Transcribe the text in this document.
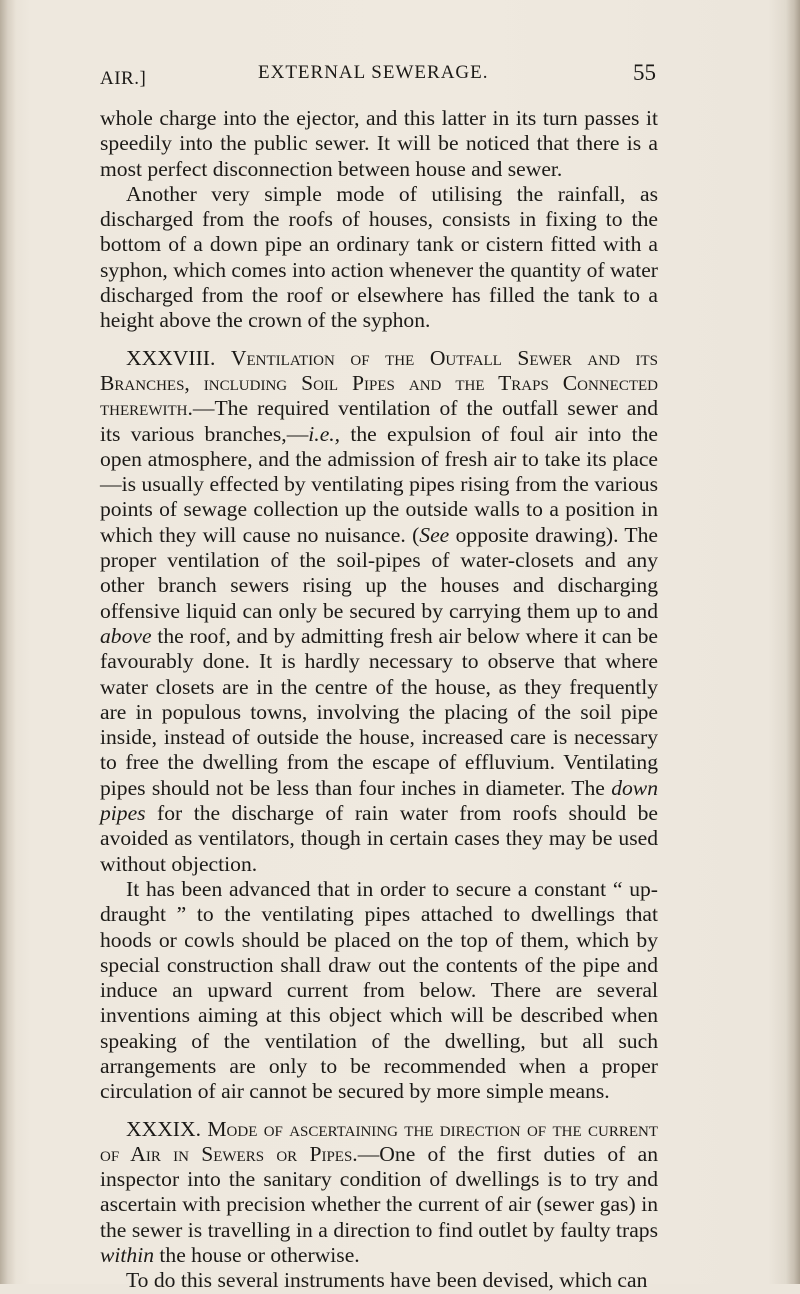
AIR.]	EXTERNAL SEWERAGE.	55

whole charge into the ejector, and this latter in its turn passes it speedily into the public sewer. It will be noticed that there is a most perfect disconnection between house and sewer.

Another very simple mode of utilising the rainfall, as discharged from the roofs of houses, consists in fixing to the bottom of a down pipe an ordinary tank or cistern fitted with a syphon, which comes into action whenever the quantity of water discharged from the roof or elsewhere has filled the tank to a height above the crown of the syphon.

XXXVIII. Ventilation of the Outfall Sewer and its Branches, including Soil Pipes and the Traps Connected therewith.—The required ventilation of the outfall sewer and its various branches,—i.e., the expulsion of foul air into the open atmosphere, and the admission of fresh air to take its place—is usually effected by ventilating pipes rising from the various points of sewage collection up the outside walls to a position in which they will cause no nuisance. (See opposite drawing). The proper ventilation of the soil-pipes of water-closets and any other branch sewers rising up the houses and discharging offensive liquid can only be secured by carrying them up to and above the roof, and by admitting fresh air below where it can be favourably done. It is hardly necessary to observe that where water closets are in the centre of the house, as they frequently are in populous towns, involving the placing of the soil pipe inside, instead of outside the house, increased care is necessary to free the dwelling from the escape of effluvium. Ventilating pipes should not be less than four inches in diameter. The down pipes for the discharge of rain water from roofs should be avoided as ventilators, though in certain cases they may be used without objection.

It has been advanced that in order to secure a constant “ up-draught ” to the ventilating pipes attached to dwellings that hoods or cowls should be placed on the top of them, which by special construction shall draw out the contents of the pipe and induce an upward current from below. There are several inventions aiming at this object which will be described when speaking of the ventilation of the dwelling, but all such arrangements are only to be recommended when a proper circulation of air cannot be secured by more simple means.

XXXIX. Mode of ascertaining the direction of the current of Air in Sewers or Pipes.—One of the first duties of an inspector into the sanitary condition of dwellings is to try and ascertain with precision whether the current of air (sewer gas) in the sewer is travelling in a direction to find outlet by faulty traps within the house or otherwise.

To do this several instruments have been devised, which can
